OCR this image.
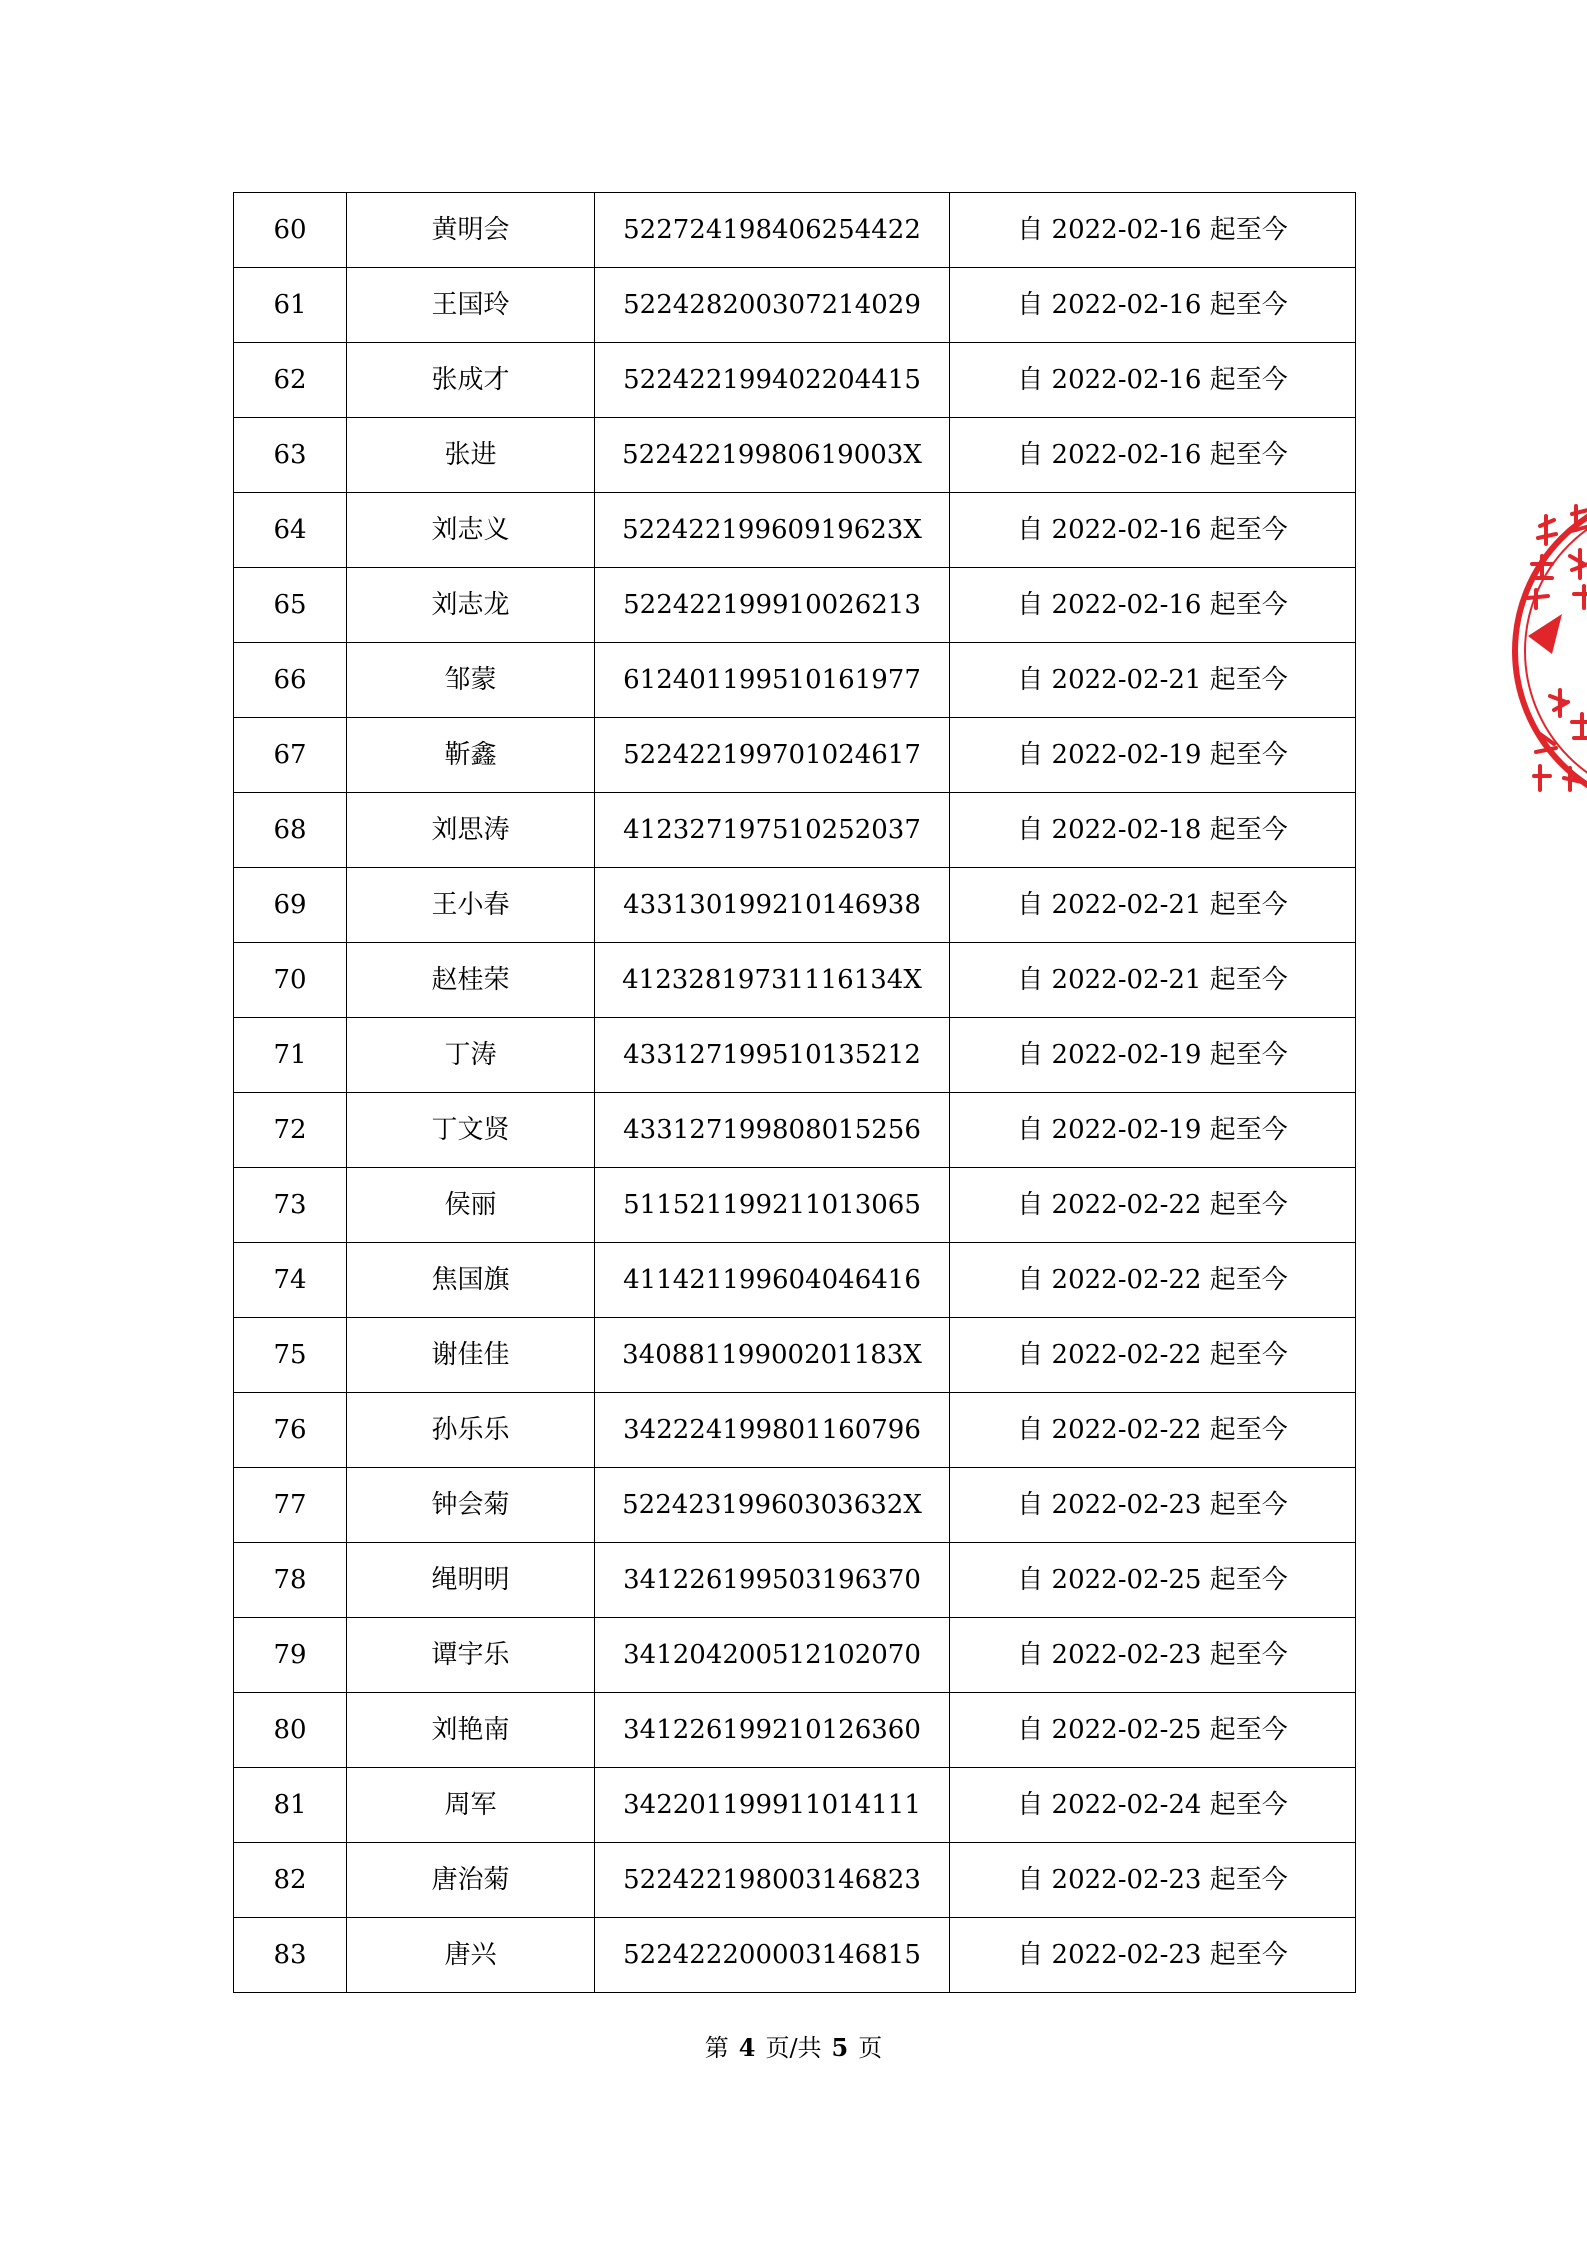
60	黄明会	522724198406254422	自 2022-02-16 起至今
61	王国玲	522428200307214029	自 2022-02-16 起至今
62	张成才	522422199402204415	自 2022-02-16 起至今
63	张进	52242219980619003X	自 2022-02-16 起至今
64	刘志义	52242219960919623X	自 2022-02-16 起至今
65	刘志龙	522422199910026213	自 2022-02-16 起至今
66	邹蒙	612401199510161977	自 2022-02-21 起至今
67	靳鑫	522422199701024617	自 2022-02-19 起至今
68	刘思涛	412327197510252037	自 2022-02-18 起至今
69	王小春	433130199210146938	自 2022-02-21 起至今
70	赵桂荣	41232819731116134X	自 2022-02-21 起至今
71	丁涛	433127199510135212	自 2022-02-19 起至今
72	丁文贤	433127199808015256	自 2022-02-19 起至今
73	侯丽	511521199211013065	自 2022-02-22 起至今
74	焦国旗	411421199604046416	自 2022-02-22 起至今
75	谢佳佳	34088119900201183X	自 2022-02-22 起至今
76	孙乐乐	342224199801160796	自 2022-02-22 起至今
77	钟会菊	52242319960303632X	自 2022-02-23 起至今
78	绳明明	341226199503196370	自 2022-02-25 起至今
79	谭宇乐	341204200512102070	自 2022-02-23 起至今
80	刘艳南	341226199210126360	自 2022-02-25 起至今
81	周军	342201199911014111	自 2022-02-24 起至今
82	唐治菊	522422198003146823	自 2022-02-23 起至今
83	唐兴	522422200003146815	自 2022-02-23 起至今
第 4 页/共 5 页
